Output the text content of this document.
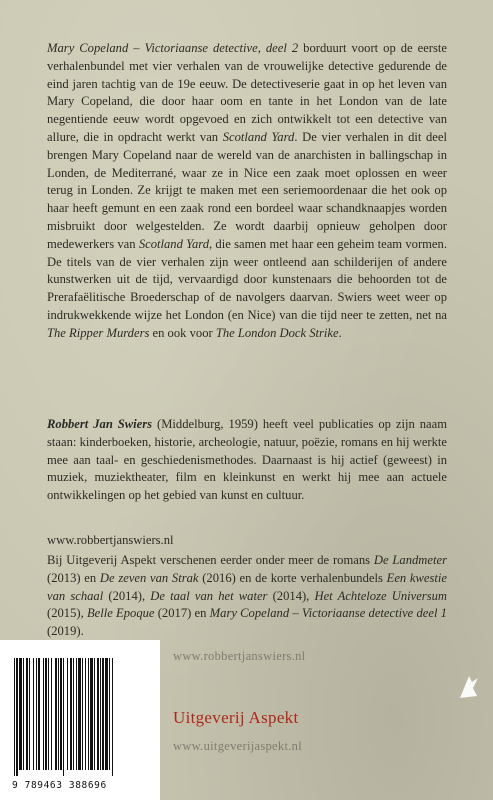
Mary Copeland – Victoriaanse detective, deel 2 borduurt voort op de eerste verhalenbundel met vier verhalen van de vrouwelijke detective gedurende de eind jaren tachtig van de 19e eeuw. De detectiveserie gaat in op het leven van Mary Copeland, die door haar oom en tante in het London van de late negentiende eeuw wordt opgevoed en zich ontwikkelt tot een detective van allure, die in opdracht werkt van Scotland Yard. De vier verhalen in dit deel brengen Mary Copeland naar de wereld van de anarchisten in ballingschap in Londen, de Mediterrané, waar ze in Nice een zaak moet oplossen en weer terug in Londen. Ze krijgt te maken met een seriemoordenaar die het ook op haar heeft gemunt en een zaak rond een bordeel waar schandknaapjes worden misbruikt door welgestelden. Ze wordt daarbij opnieuw geholpen door medewerkers van Scotland Yard, die samen met haar een geheim team vormen. De titels van de vier verhalen zijn weer ontleend aan schilderijen of andere kunstwerken uit de tijd, vervaardigd door kunstenaars die behoorden tot de Prerafaëlitische Broederschap of de navolgers daarvan. Swiers weet weer op indrukwekkende wijze het London (en Nice) van die tijd neer te zetten, net na The Ripper Murders en ook voor The London Dock Strike.

Robbert Jan Swiers (Middelburg, 1959) heeft veel publicaties op zijn naam staan: kinderboeken, historie, archeologie, natuur, poëzie, romans en hij werkte mee aan taal- en geschiedenismethodes. Daarnaast is hij actief (geweest) in muziek, muziektheater, film en kleinkunst en werkt hij mee aan actuele ontwikkelingen op het gebied van kunst en cultuur.

www.robbertjanswiers.nl

Bij Uitgeverij Aspekt verschenen eerder onder meer de romans De Landmeter (2013) en De zeven van Strak (2016) en de korte verhalenbundels Een kwestie van schaal (2014), De taal van het water (2014), Het Achteloze Universum (2015), Belle Epoque (2017) en Mary Copeland – Victoriaanse detective deel 1 (2019).

9 789463 388696
www.robbertjanswiers.nl
Uitgeverij Aspekt
www.uitgeverijaspekt.nl
